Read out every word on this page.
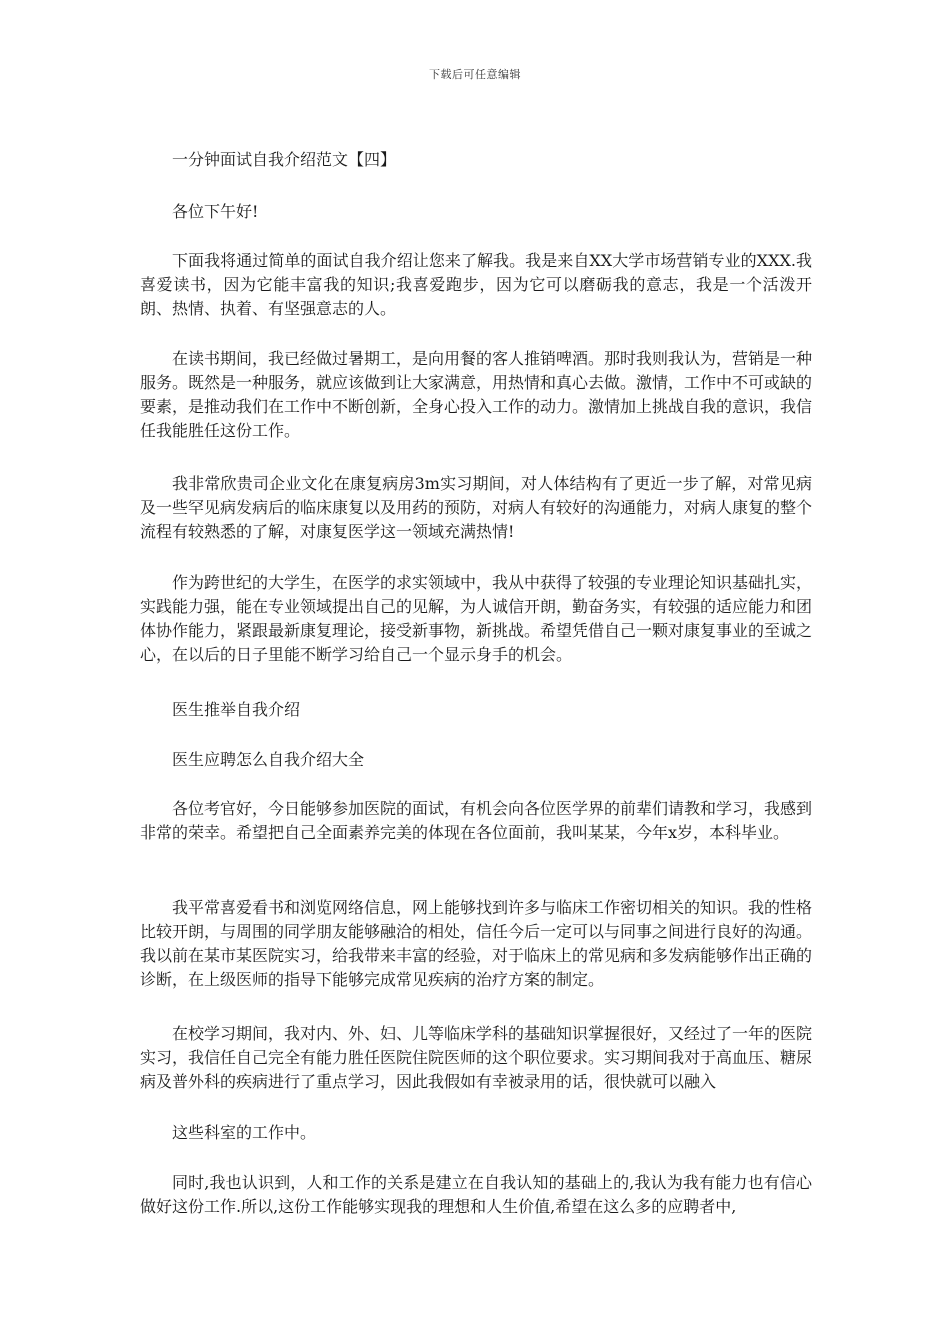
下载后可任意编辑

一分钟面试自我介绍范文【四】

各位下午好!

下面我将通过简单的面试自我介绍让您来了解我。我是来自XX大学市场营销专业的XXX.我喜爱读书，因为它能丰富我的知识;我喜爱跑步，因为它可以磨砺我的意志，我是一个活泼开朗、热情、执着、有坚强意志的人。

在读书期间，我已经做过暑期工，是向用餐的客人推销啤酒。那时我则我认为，营销是一种服务。既然是一种服务，就应该做到让大家满意，用热情和真心去做。激情，工作中不可或缺的要素，是推动我们在工作中不断创新，全身心投入工作的动力。激情加上挑战自我的意识，我信任我能胜任这份工作。

我非常欣贵司企业文化在康复病房3m实习期间，对人体结构有了更近一步了解，对常见病及一些罕见病发病后的临床康复以及用药的预防，对病人有较好的沟通能力，对病人康复的整个流程有较熟悉的了解，对康复医学这一领域充满热情!

作为跨世纪的大学生，在医学的求实领域中，我从中获得了较强的专业理论知识基础扎实，实践能力强，能在专业领域提出自己的见解，为人诚信开朗，勤奋务实，有较强的适应能力和团体协作能力，紧跟最新康复理论，接受新事物，新挑战。希望凭借自己一颗对康复事业的至诚之心，在以后的日子里能不断学习给自己一个显示身手的机会。

医生推举自我介绍

医生应聘怎么自我介绍大全

各位考官好，今日能够参加医院的面试，有机会向各位医学界的前辈们请教和学习，我感到非常的荣幸。希望把自己全面素养完美的体现在各位面前，我叫某某，今年x岁，本科毕业。

我平常喜爱看书和浏览网络信息，网上能够找到许多与临床工作密切相关的知识。我的性格比较开朗，与周围的同学朋友能够融洽的相处，信任今后一定可以与同事之间进行良好的沟通。我以前在某市某医院实习，给我带来丰富的经验，对于临床上的常见病和多发病能够作出正确的诊断，在上级医师的指导下能够完成常见疾病的治疗方案的制定。

在校学习期间，我对内、外、妇、儿等临床学科的基础知识掌握很好，又经过了一年的医院实习，我信任自己完全有能力胜任医院住院医师的这个职位要求。实习期间我对于高血压、糖尿病及普外科的疾病进行了重点学习，因此我假如有幸被录用的话，很快就可以融入

这些科室的工作中。

同时,我也认识到，人和工作的关系是建立在自我认知的基础上的,我认为我有能力也有信心做好这份工作.所以,这份工作能够实现我的理想和人生价值,希望在这么多的应聘者中,
